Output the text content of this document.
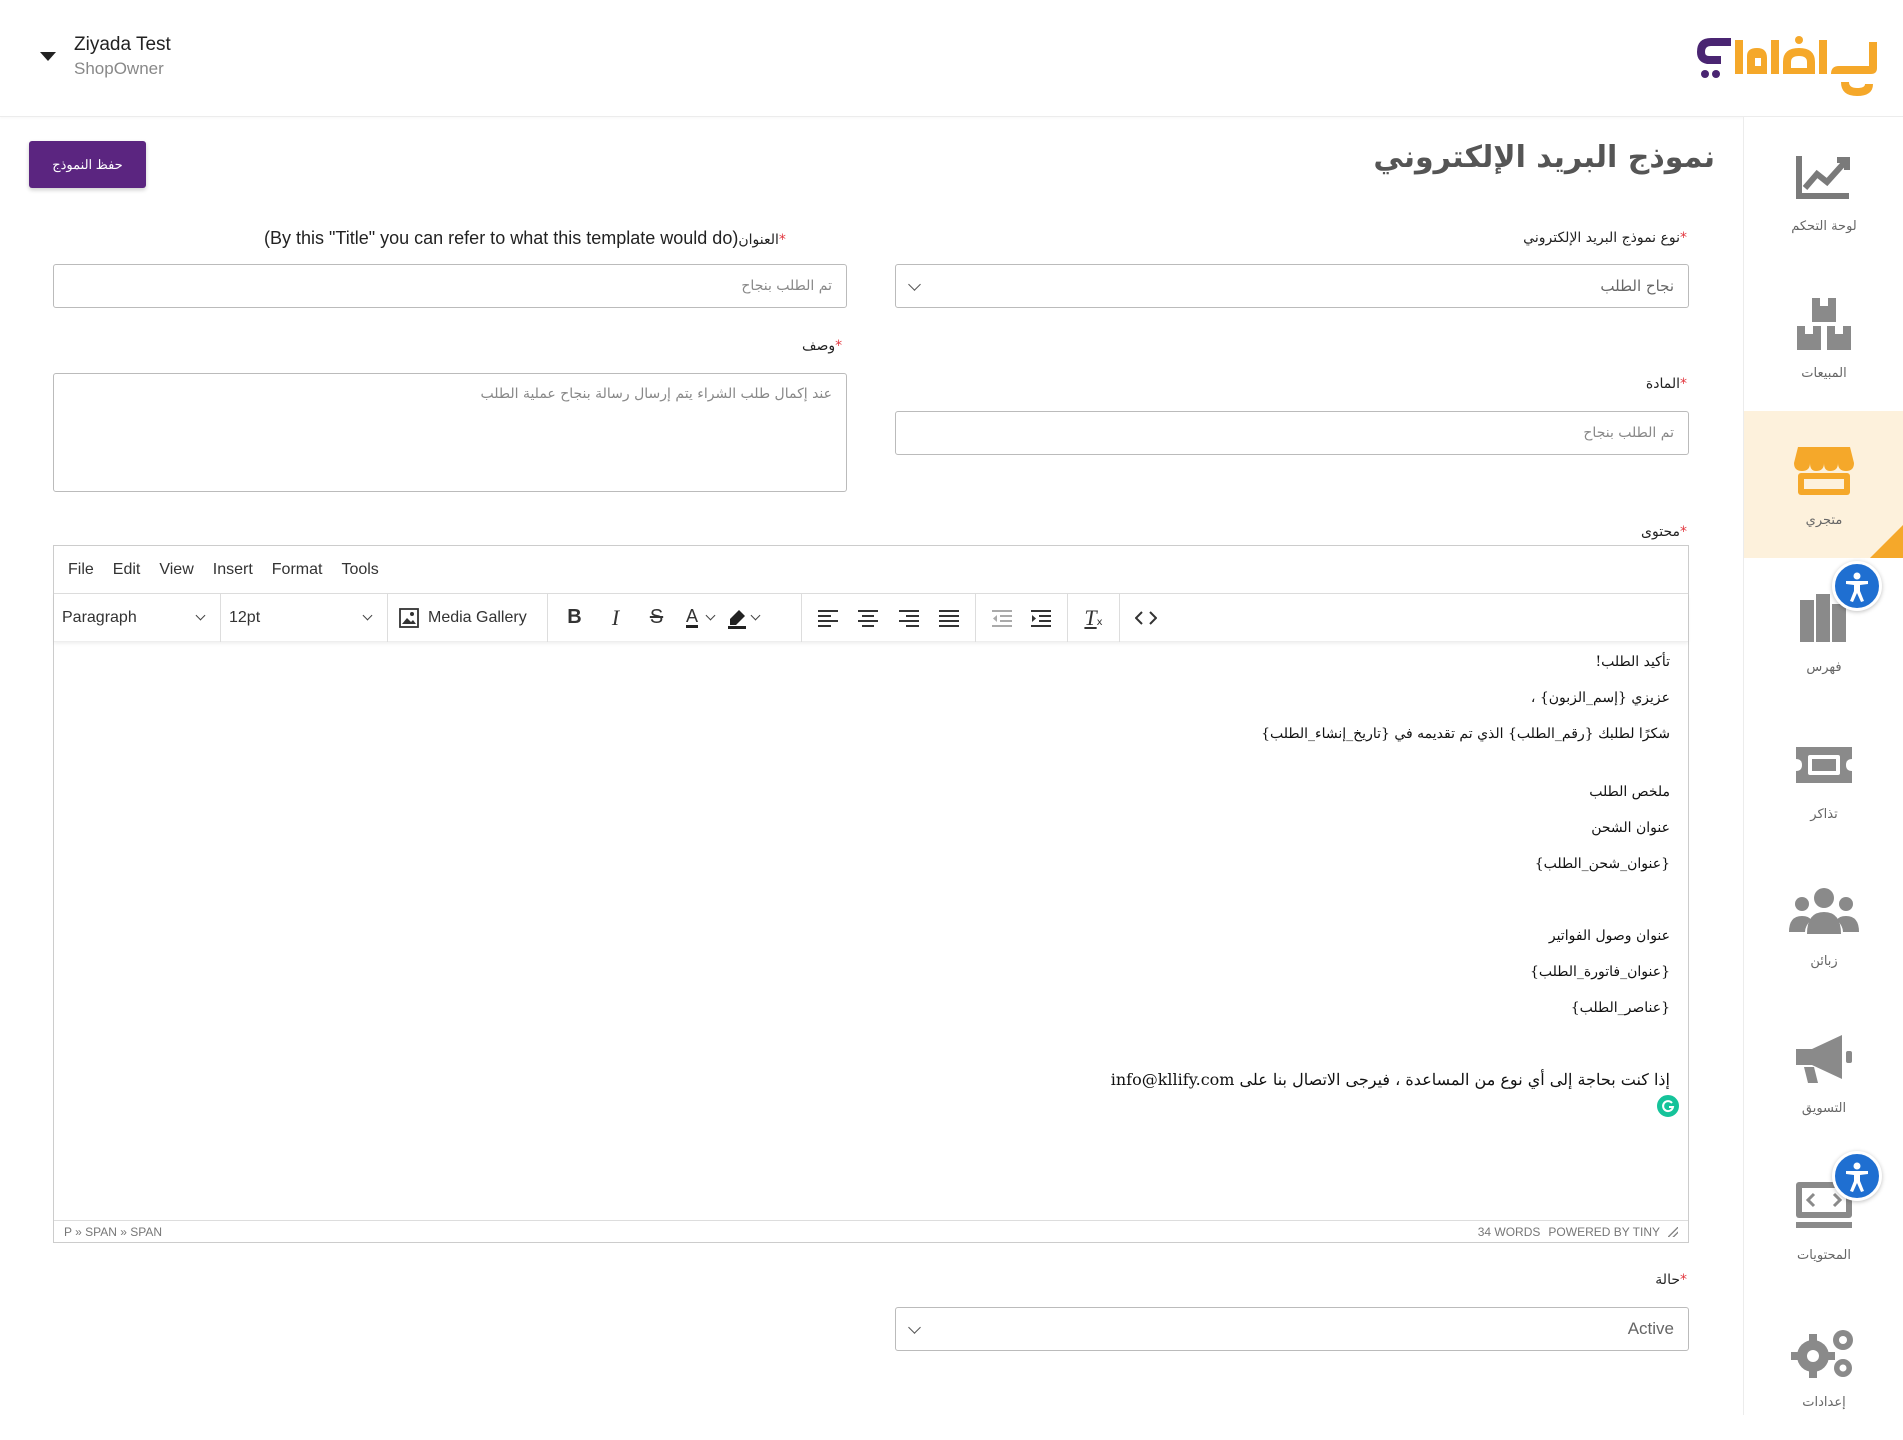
Ziyada Test
ShopOwner
لوحة التحكم
المبيعات
متجري
فهرس
تذاكر
زبائن
التسويق
المحتويات
إعدادات
نموذج البريد الإلكتروني
حفظ النموذج
*نوع نموذج البريد الإلكتروني
نجاح الطلب
(By this "Title" you can refer to what this template would do)العنوان*
تم الطلب بنجاح
*وصف
عند إكمال طلب الشراء يتم إرسال رسالة بنجاح عملية الطلب
*المادة
تم الطلب بنجاح
*محتوى
File Edit View Insert Format Tools
Paragraph	12pt	Media Gallery B I S A	T x

تأكيد الطلب!

عزيزي {إسم_الزبون} ،

شكرًا لطلبك {رقم_الطلب} الذي تم تقديمه في {تاريخ_إنشاء_الطلب}

ملخص الطلب

عنوان الشحن

{عنوان_شحن_الطلب}

عنوان وصول الفواتير

{عنوان_فاتورة_الطلب}

{عناصر_الطلب}

إذا كنت بحاجة إلى أي نوع من المساعدة ، فيرجى الاتصال بنا على info@kllify.com

P » SPAN » SPAN	34 WORDS POWERED BY TINY
*حالة
Active
